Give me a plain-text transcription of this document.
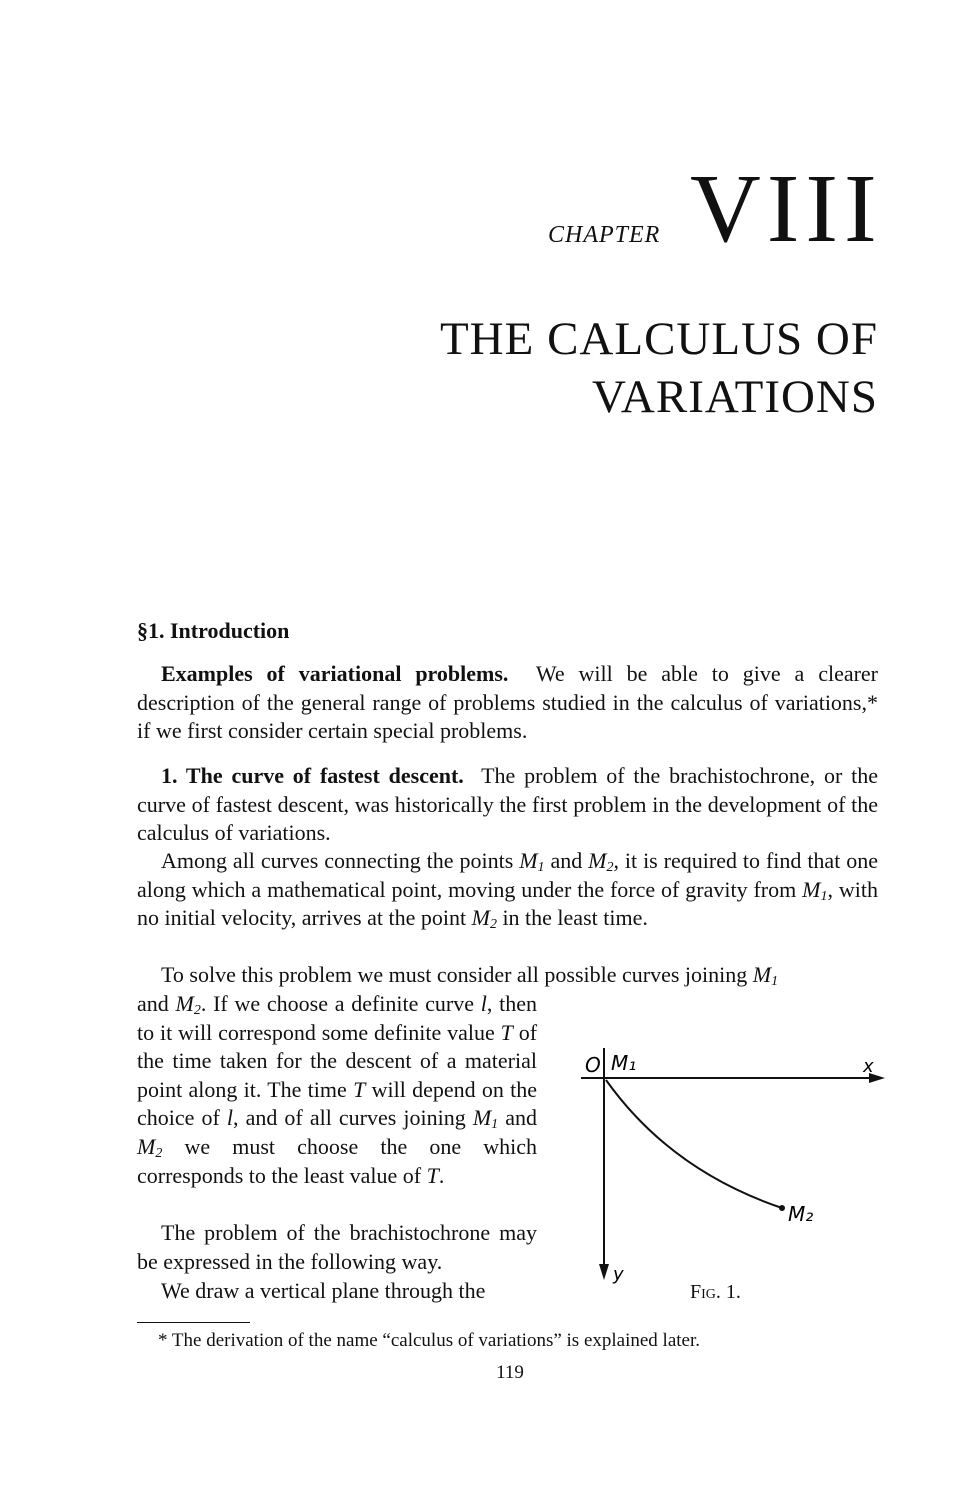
CHAPTER VIII
THE CALCULUS OF
VARIATIONS
§1. Introduction

Examples of variational problems. We will be able to give a clearer description of the general range of problems studied in the calculus of variations,* if we first consider certain special problems.

1. The curve of fastest descent. The problem of the brachistochrone, or the curve of fastest descent, was historically the first problem in the development of the calculus of variations.

Among all curves connecting the points $M_1$ and $M_2$, it is required to find that one along which a mathematical point, moving under the force of gravity from $M_1$, with no initial velocity, arrives at the point $M_2$ in the least time.

To solve this problem we must consider all possible curves joining $M_1$

and $M_2$. If we choose a definite curve l, then to it will correspond some definite value T of the time taken for the descent of a material point along it. The time T will depend on the choice of l, and of all curves joining $M_1$ and $M_2$ we must choose the one which corresponds to the least value of T.

The problem of the brachistochrone may be expressed in the following way.

We draw a vertical plane through the

O M₁	x
y
M₂
Fig. 1.
* The derivation of the name “calculus of variations” is explained later.
119
